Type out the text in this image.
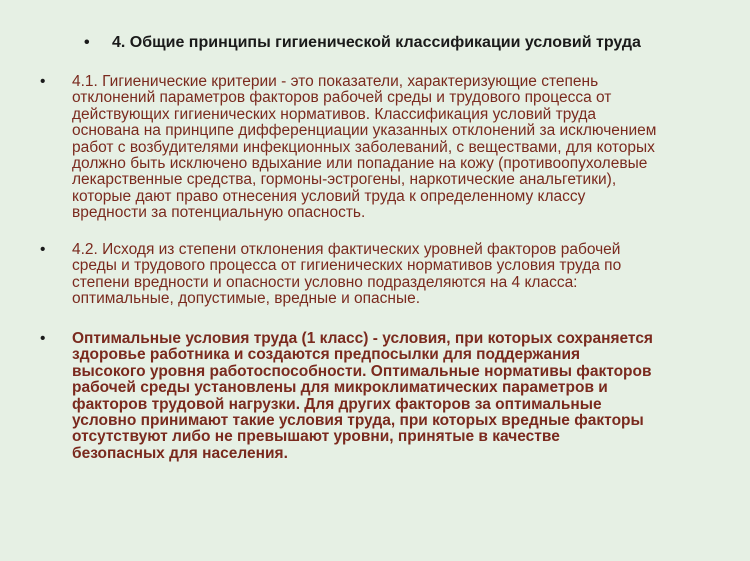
• 4. Общие принципы гигиенической классификации условий труда
• 4.1. Гигиенические критерии - это показатели, характеризующие степень
отклонений параметров факторов рабочей среды и трудового процесса от
действующих гигиенических нормативов. Классификация условий труда
основана на принципе дифференциации указанных отклонений за исключением
работ с возбудителями инфекционных заболеваний, с веществами, для которых
должно быть исключено вдыхание или попадание на кожу (противоопухолевые
лекарственные средства, гормоны-эстрогены, наркотические анальгетики),
которые дают право отнесения условий труда к определенному классу
вредности за потенциальную опасность.
• 4.2. Исходя из степени отклонения фактических уровней факторов рабочей
среды и трудового процесса от гигиенических нормативов условия труда по
степени вредности и опасности условно подразделяются на 4 класса:
оптимальные, допустимые, вредные и опасные.
• Оптимальные условия труда (1 класс) - условия, при которых сохраняется
здоровье работника и создаются предпосылки для поддержания
высокого уровня работоспособности. Оптимальные нормативы факторов
рабочей среды установлены для микроклиматических параметров и
факторов трудовой нагрузки. Для других факторов за оптимальные
условно принимают такие условия труда, при которых вредные факторы
отсутствуют либо не превышают уровни, принятые в качестве
безопасных для населения.
